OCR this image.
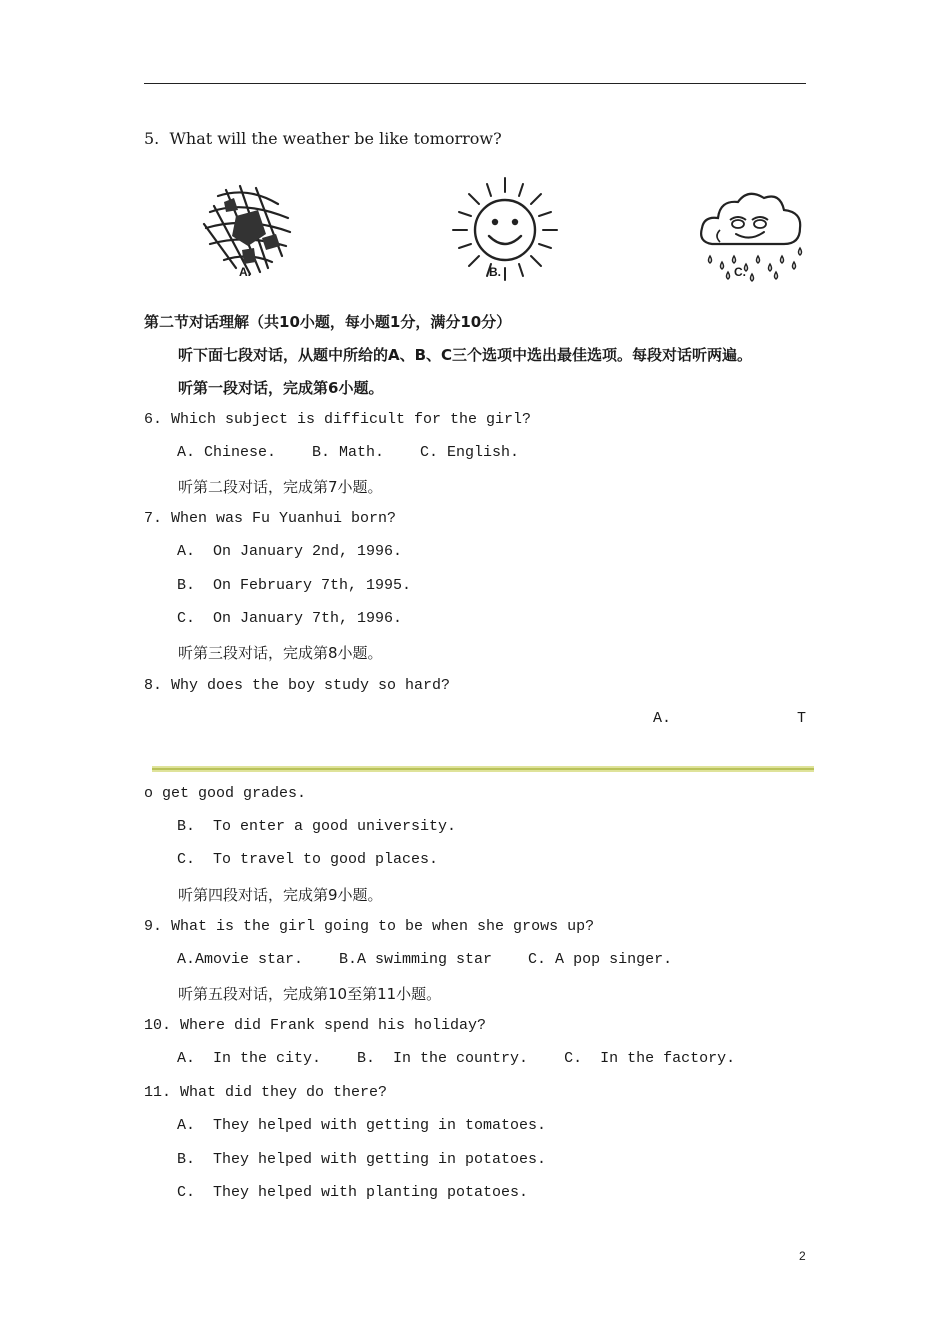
5.  What will the weather be like tomorrow?

A.

	B.

	C.
第二节对话理解（共10小题，每小题1分，满分10分）
听下面七段对话，从题中所给的A、B、C三个选项中选出最佳选项。每段对话听两遍。
听第一段对话，完成第6小题。
6. Which subject is difficult for the girl?
A. Chinese.    B. Math.    C. English.
听第二段对话，完成第7小题。
7. When was Fu Yuanhui born?
A.  On January 2nd, 1996.
B.  On February 7th, 1995.
C.  On January 7th, 1996.
听第三段对话，完成第8小题。
8. Why does the boy study so hard?
A.	T

o get good grades.
B.  To enter a good university.
C.  To travel to good places.
听第四段对话，完成第9小题。
9. What is the girl going to be when she grows up?
A.Amovie star.    B.A swimming star    C. A pop singer.
听第五段对话，完成第10至第11小题。
10. Where did Frank spend his holiday?
A.  In the city.    B.  In the country.    C.  In the factory.
11. What did they do there?
A.  They helped with getting in tomatoes.
B.  They helped with getting in potatoes.
C.  They helped with planting potatoes.
2
